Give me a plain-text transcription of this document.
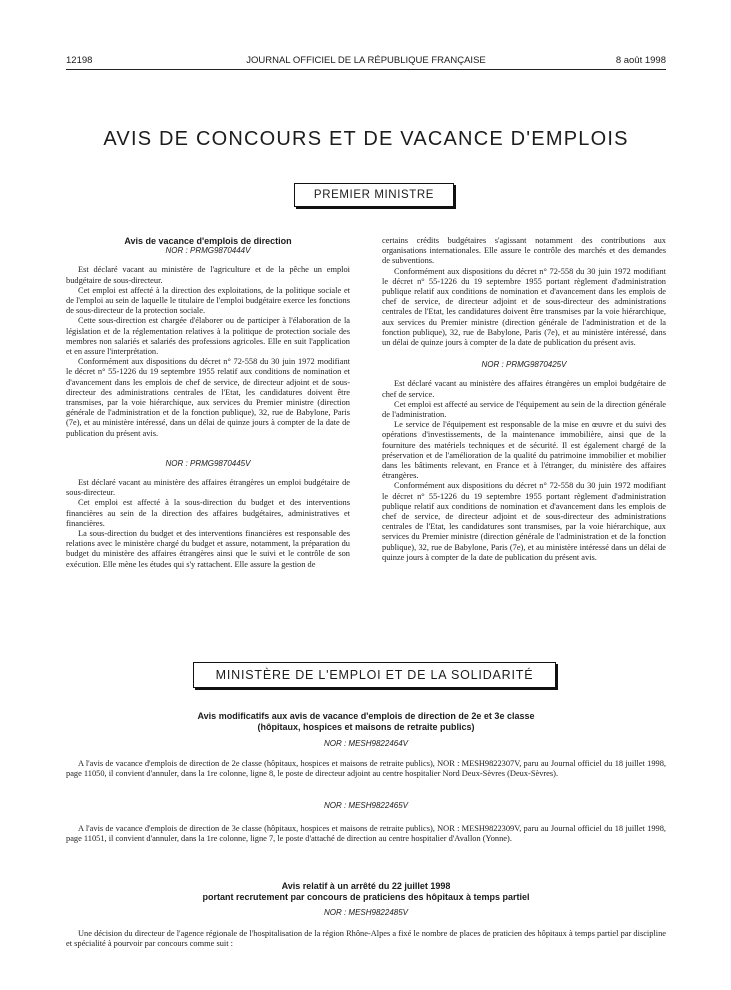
12198	JOURNAL OFFICIEL DE LA RÉPUBLIQUE FRANÇAISE	8 août 1998
AVIS DE CONCOURS ET DE VACANCE D'EMPLOIS
PREMIER MINISTRE
Avis de vacance d'emplois de direction
NOR : PRMG9870444V

Est déclaré vacant au ministère de l'agriculture et de la pêche un emploi budgétaire de sous-directeur.

Cet emploi est affecté à la direction des exploitations, de la politique sociale et de l'emploi au sein de laquelle le titulaire de l'emploi budgétaire exerce les fonctions de sous-directeur de la protection sociale.

Cette sous-direction est chargée d'élaborer ou de participer à l'élaboration de la législation et de la réglementation relatives à la politique de protection sociale des membres non salariés et salariés des professions agricoles. Elle en suit l'application et en assure l'interprétation.

Conformément aux dispositions du décret n° 72-558 du 30 juin 1972 modifiant le décret n° 55-1226 du 19 septembre 1955 relatif aux conditions de nomination et d'avancement dans les emplois de chef de service, de directeur adjoint et de sous-directeur des administrations centrales de l'Etat, les candidatures doivent être transmises, par la voie hiérarchique, aux services du Premier ministre (direction générale de l'administration et de la fonction publique), 32, rue de Babylone, Paris (7e), et au ministère intéressé, dans un délai de quinze jours à compter de la date de publication du présent avis.

NOR : PRMG9870445V

Est déclaré vacant au ministère des affaires étrangères un emploi budgétaire de sous-directeur.

Cet emploi est affecté à la sous-direction du budget et des interventions financières au sein de la direction des affaires budgétaires, administratives et financières.

La sous-direction du budget et des interventions financières est responsable des relations avec le ministère chargé du budget et assure, notamment, la préparation du budget du ministère des affaires étrangères ainsi que le suivi et le contrôle de son exécution. Elle mène les études qui s'y rattachent. Elle assure la gestion de

certains crédits budgétaires s'agissant notamment des contributions aux organisations internationales. Elle assure le contrôle des marchés et des demandes de subventions.

Conformément aux dispositions du décret n° 72-558 du 30 juin 1972 modifiant le décret n° 55-1226 du 19 septembre 1955 portant règlement d'administration publique relatif aux conditions de nomination et d'avancement dans les emplois de chef de service, de directeur adjoint et de sous-directeur des administrations centrales de l'Etat, les candidatures doivent être transmises par la voie hiérarchique, aux services du Premier ministre (direction générale de l'administration et de la fonction publique), 32, rue de Babylone, Paris (7e), et au ministère intéressé, dans un délai de quinze jours à compter de la date de publication du présent avis.

NOR : PRMG9870425V

Est déclaré vacant au ministère des affaires étrangères un emploi budgétaire de chef de service.

Cet emploi est affecté au service de l'équipement au sein de la direction générale de l'administration.

Le service de l'équipement est responsable de la mise en œuvre et du suivi des opérations d'investissements, de la maintenance immobilière, ainsi que de la fourniture des matériels techniques et de sécurité. Il est également chargé de la préservation et de l'amélioration de la qualité du patrimoine immobilier et mobilier dans les bâtiments relevant, en France et à l'étranger, du ministère des affaires étrangères.

Conformément aux dispositions du décret n° 72-558 du 30 juin 1972 modifiant le décret n° 55-1226 du 19 septembre 1955 portant règlement d'administration publique relatif aux conditions de nomination et d'avancement dans les emplois de chef de service, de directeur adjoint et de sous-directeur des administrations centrales de l'Etat, les candidatures sont transmises, par la voie hiérarchique, aux services du Premier ministre (direction générale de l'administration et de la fonction publique), 32, rue de Babylone, Paris (7e), et au ministère intéressé dans un délai de quinze jours à compter de la date de publication du présent avis.

MINISTÈRE DE L'EMPLOI ET DE LA SOLIDARITÉ
Avis modificatifs aux avis de vacance d'emplois de direction de 2e et 3e classe
(hôpitaux, hospices et maisons de retraite publics)
NOR : MESH9822464V

A l'avis de vacance d'emplois de direction de 2e classe (hôpitaux, hospices et maisons de retraite publics), NOR : MESH9822307V, paru au Journal officiel du 18 juillet 1998, page 11050, il convient d'annuler, dans la 1re colonne, ligne 8, le poste de directeur adjoint au centre hospitalier Nord Deux-Sèvres (Deux-Sèvres).

NOR : MESH9822465V

A l'avis de vacance d'emplois de direction de 3e classe (hôpitaux, hospices et maisons de retraite publics), NOR : MESH9822309V, paru au Journal officiel du 18 juillet 1998, page 11051, il convient d'annuler, dans la 1re colonne, ligne 7, le poste d'attaché de direction au centre hospitalier d'Avallon (Yonne).

Avis relatif à un arrêté du 22 juillet 1998
portant recrutement par concours de praticiens des hôpitaux à temps partiel
NOR : MESH9822485V

Une décision du directeur de l'agence régionale de l'hospitalisation de la région Rhône-Alpes a fixé le nombre de places de praticien des hôpitaux à temps partiel par discipline et spécialité à pourvoir par concours comme suit :
